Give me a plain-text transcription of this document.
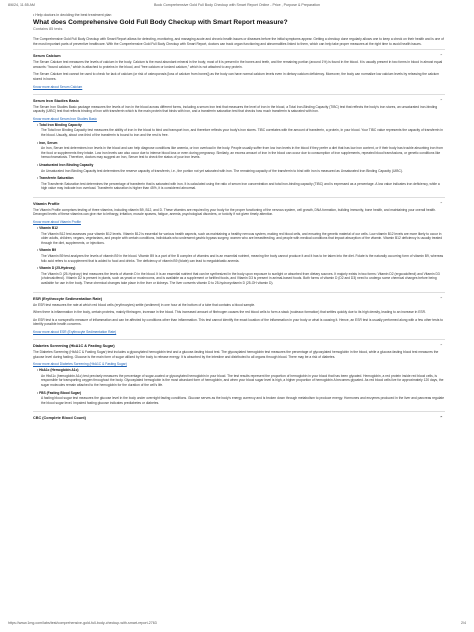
8/6/24, 11:55 AM	Book Comprehensive Gold Full Body Checkup with Smart Report Online - Price , Purpose & Preparation
• Help doctors in deciding the best treatment plan
What does Comprehensive Gold Full Body Checkup with Smart Report measure?
Contains 85 tests

The Comprehensive Gold Full Body Checkup with Smart Report allows for detecting, monitoring, and managing acute and chronic health issues or diseases before the initial symptoms appear. Getting a checkup done regularly allows one to keep a check on their health and is one of the most important parts of preventive healthcare. With the Comprehensive Gold Full Body Checkup with Smart Report, doctors can track organ functioning and abnormalities linked to them, which can help take proper measures at the right time to avoid health issues.

Serum Calcium	⌃

The Serum Calcium test measures the levels of calcium in the body. Calcium is the most abundant mineral in the body; most of it is present in the bones and teeth, and the remaining portion (around 1%) is found in the blood. It is usually present in two forms in blood in almost equal amounts: "bound calcium," which is attached to proteins in the blood, and "free calcium or ionized calcium," which is not attached to any protein.

The Serum Calcium test cannot be used to check for lack of calcium (or risk of osteoporosis [loss of calcium from bones]) as the body can have normal calcium levels even in dietary calcium deficiency. Moreover, the body can normalize low calcium levels by releasing the calcium stored in bones.

Know more about Serum Calcium
Serum Iron Studies Basic	⌃

The Serum Iron Studies Basic package measures the levels of iron in the blood across different forms, including a serum iron test that measures the level of iron in the blood, a Total Iron-Binding Capacity (TIBC) test that reflects the body's iron stores, an unsaturated iron-binding capacity (UIBC) test that reflects binding of iron with transferrin which is the main protein that binds with iron, and a transferrin saturation test that checks how much transferrin is saturated with iron.

Know more about Serum Iron Studies Basic
• Total Iron Binding Capacity

The Total Iron Binding Capacity test measures the ability of iron in the blood to bind and transport iron, and therefore reflects your body's iron stores. TIBC correlates with the amount of transferrin, a protein, in your blood. Your TIBC value represents the capacity of transferrin in the blood. Usually, about one-third of the transferrin is bound to iron and the rest is free.

• Iron, Serum

An Iron, Serum test determines iron levels in the blood and can help diagnose conditions like anemia, or iron overload in the body. People usually suffer from low iron levels in the blood if they prefer a diet that has low iron content, or if their body has trouble absorbing iron from the food or supplements they intake. Low iron levels can also occur due to intense blood loss or even during pregnancy. Similarly, an excess amount of iron in the blood can occur due to consumption of iron supplements, repeated blood transfusions, or genetic conditions like hemochromatosis. Therefore, doctors may suggest an Iron, Serum test to check the status of your iron levels.

• Unsaturated Iron Binding Capacity

An Unsaturated Iron Binding Capacity test determines the reserve capacity of transferrin, i.e., the portion not yet saturated with iron. The remaining capacity of the transferrin to bind with iron is measured as Unsaturated Iron Binding Capacity (UIBC).

• Transferrin Saturation

The Transferrin Saturation test determines the percentage of transferrin that is saturated with iron. It is calculated using the ratio of serum iron concentration and total iron-binding capacity (TIBC) and is expressed as a percentage. A low value indicates iron deficiency, while a high value may indicate iron overload. Transferrin saturation is higher than 45%, it is considered abnormal.

Vitamin Profile	⌃

The Vitamin Profile comprises testing of three vitamins, including vitamin B9, B12, and D. These vitamins are required by your body for the proper functioning of the nervous system, cell growth, DNA formation, building immunity, bone health, and maintaining your overall health. Deranged levels of these vitamins can give rise to lethargy, irritation, muscle spasms, fatigue, anemia, psychological disorders, or toxicity if not given timely attention.

Know more about Vitamin Profile
• Vitamin B12

The Vitamin B12 test assesses your vitamin B12 levels. Vitamin B12 is essential for various health aspects, such as maintaining a healthy nervous system, making red blood cells, and ensuring the genetic material of our cells. Low vitamin B12 levels are more likely to occur in older adults, children, vegans, vegetarians, and people with certain conditions, individuals who underwent gastric bypass surgery, women who are breastfeeding, and people with medical conditions that impact absorption of the vitamin. Vitamin B12 deficiency is usually treated through the diet, supplements, or injections.

• Vitamin B9

The Vitamin B9 test analyzes the levels of vitamin B9 in the blood. Vitamin B9 is a part of the B complex of vitamins and is an essential nutrient, meaning the body cannot produce it and it has to be taken into the diet. Folate is the naturally occurring form of vitamin B9, whereas folic acid refers to a supplement that is added to food and drinks. The deficiency of vitamin B9 (folate) can lead to megaloblastic anemia.

• Vitamin D (25-Hydroxy)

The Vitamin D (25-Hydroxy) test measures the levels of vitamin D in the blood. It is an essential nutrient that can be synthesized in the body upon exposure to sunlight or absorbed from dietary sources. It majorly exists in two forms: Vitamin D2 (ergocalciferol) and Vitamin D3 (cholecalciferol). Vitamin D2 is present in plants, such as yeast or mushrooms, and is available as a supplement or fortified foods, and Vitamin D3 is present in animal-based foods. Both forms of vitamin D (D2 and D3) need to undergo some chemical changes before being available for use in the body. These chemical changes take place in the liver or kidneys. The liver converts vitamin D to 25-hydroxyvitamin D (25-OH vitamin D).

ESR (Erythrocyte Sedimentation Rate)	⌃

An ESR test measures the rate at which red blood cells (erythrocytes) settle (sediment) in one hour at the bottom of a tube that contains a blood sample.

When there is inflammation in the body, certain proteins, mainly fibrinogen, increase in the blood. This increased amount of fibrinogen causes the red blood cells to form a stack (rouleaux formation) that settles quickly due to its high density, leading to an increase in ESR.

An ESR test is a nonspecific measure of inflammation and can be affected by conditions other than inflammation. This test cannot identify the exact location of the inflammation in your body or what is causing it. Hence, an ESR test is usually performed along with a few other tests to identify possible health concerns.

Know more about ESR (Erythrocyte Sedimentation Rate)
Diabetes Screening (HbA1C & Fasting Sugar)	⌃

The Diabetes Screening (HbA1C & Fasting Sugar) test includes a glycosylated hemoglobin test and a glucose-fasting blood test. The glycosylated hemoglobin test measures the percentage of glycosylated hemoglobin in the blood, while a glucose-fasting blood test measures the glucose level during fasting. Glucose is the main form of sugar utilized by the body to release energy. It is absorbed by the intestine and distributed to all organs through blood. There may be a risk of diabetes.

Know more about Diabetes Screening (HbA1C & Fasting Sugar)
• HbA1c (Hemoglobin A1c)

An HbA1c (hemoglobin A1c) test precisely measures the percentage of sugar-coated or glycosylated hemoglobin in your blood. The test results represent the proportion of hemoglobin in your blood that has been glycated. Hemoglobin, a red protein inside red blood cells, is responsible for transporting oxygen throughout the body. Glycosylated hemoglobin is the most abundant form of hemoglobin, and when your blood sugar level is high, a higher proportion of hemoglobin A becomes glycated. As red blood cells live for approximately 120 days, the sugar molecules remain attached to the hemoglobin for the duration of the cell's life.

• FBS (Fasting Blood Sugar)

A fasting blood sugar test measures the glucose level in the body under overnight fasting conditions. Glucose serves as the body's energy currency and is broken down through metabolism to produce energy. Hormones and enzymes produced in the liver and pancreas regulate the blood sugar level. Impaired fasting glucose indicates prediabetes or diabetes.

CBC (Complete Blood Count)	⌃
https://www.1mg.com/labs/test/comprehensive-gold-full-body-checkup-with-smart-report-2763	2/4
